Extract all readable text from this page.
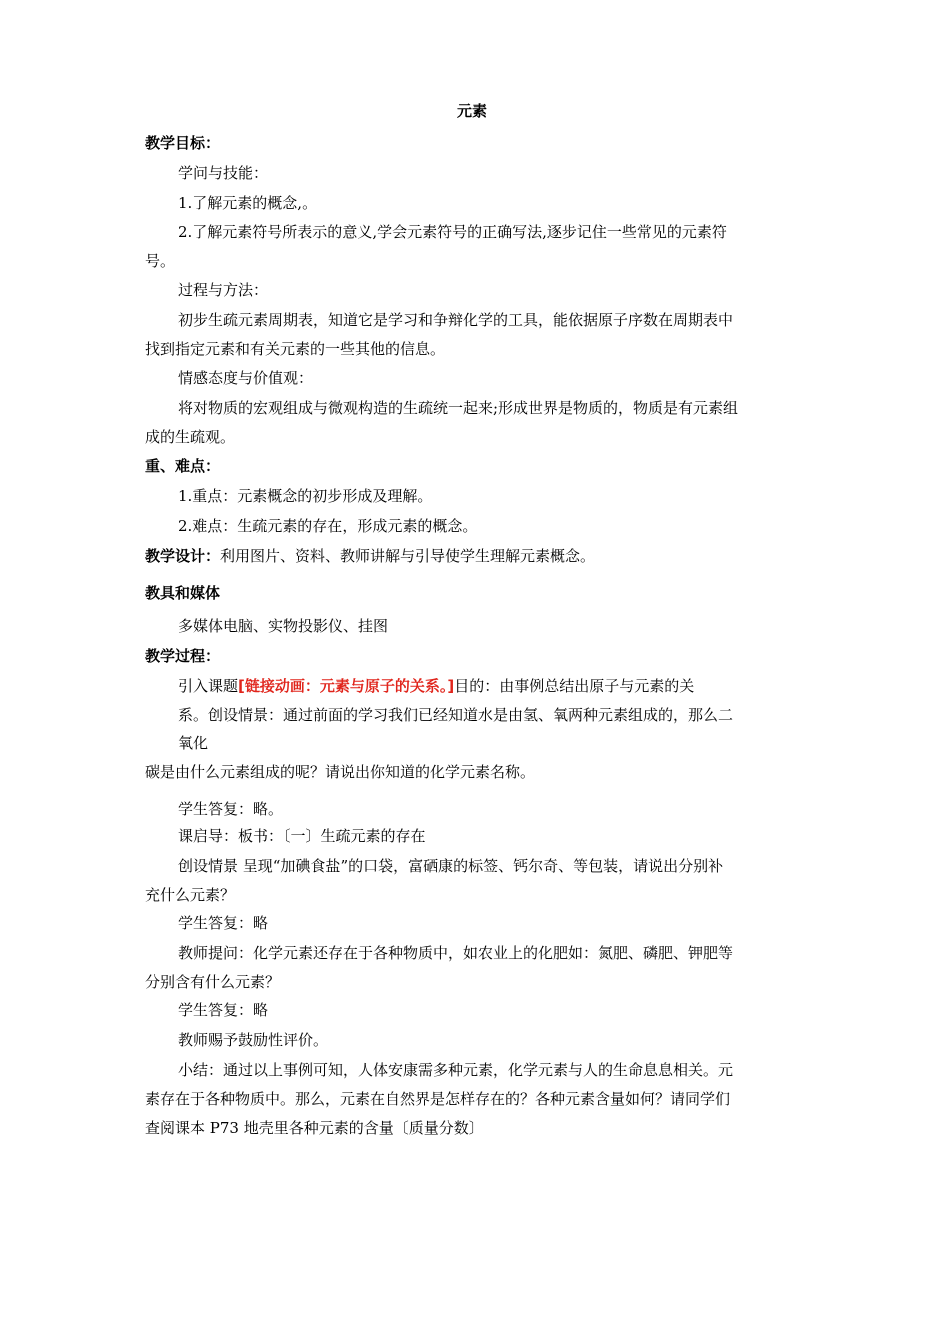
元素
教学目标：
学问与技能：
1.了解元素的概念,。
2.了解元素符号所表示的意义,学会元素符号的正确写法,逐步记住一些常见的元素符
号。
过程与方法：
初步生疏元素周期表，知道它是学习和争辩化学的工具，能依据原子序数在周期表中
找到指定元素和有关元素的一些其他的信息。
情感态度与价值观：
将对物质的宏观组成与微观构造的生疏统一起来;形成世界是物质的，物质是有元素组
成的生疏观。
重、难点：
1.重点：元素概念的初步形成及理解。
2.难点：生疏元素的存在，形成元素的概念。
教学设计：利用图片、资料、教师讲解与引导使学生理解元素概念。
教具和媒体
多媒体电脑、实物投影仪、挂图
教学过程：
引入课题[链接动画：元素与原子的关系。]目的：由事例总结出原子与元素的关
系。创设情景：通过前面的学习我们已经知道水是由氢、氧两种元素组成的，那么二
氧化
碳是由什么元素组成的呢？请说出你知道的化学元素名称。
学生答复：略。
课启导：板书：〔一〕生疏元素的存在
创设情景 呈现“加碘食盐”的口袋，富硒康的标签、钙尔奇、等包装，请说出分别补
充什么元素？
学生答复：略
教师提问：化学元素还存在于各种物质中，如农业上的化肥如：氮肥、磷肥、钾肥等
分别含有什么元素？
学生答复：略
教师赐予鼓励性评价。
小结：通过以上事例可知，人体安康需多种元素，化学元素与人的生命息息相关。元
素存在于各种物质中。那么，元素在自然界是怎样存在的？各种元素含量如何？请同学们
查阅课本 P73 地壳里各种元素的含量〔质量分数〕
